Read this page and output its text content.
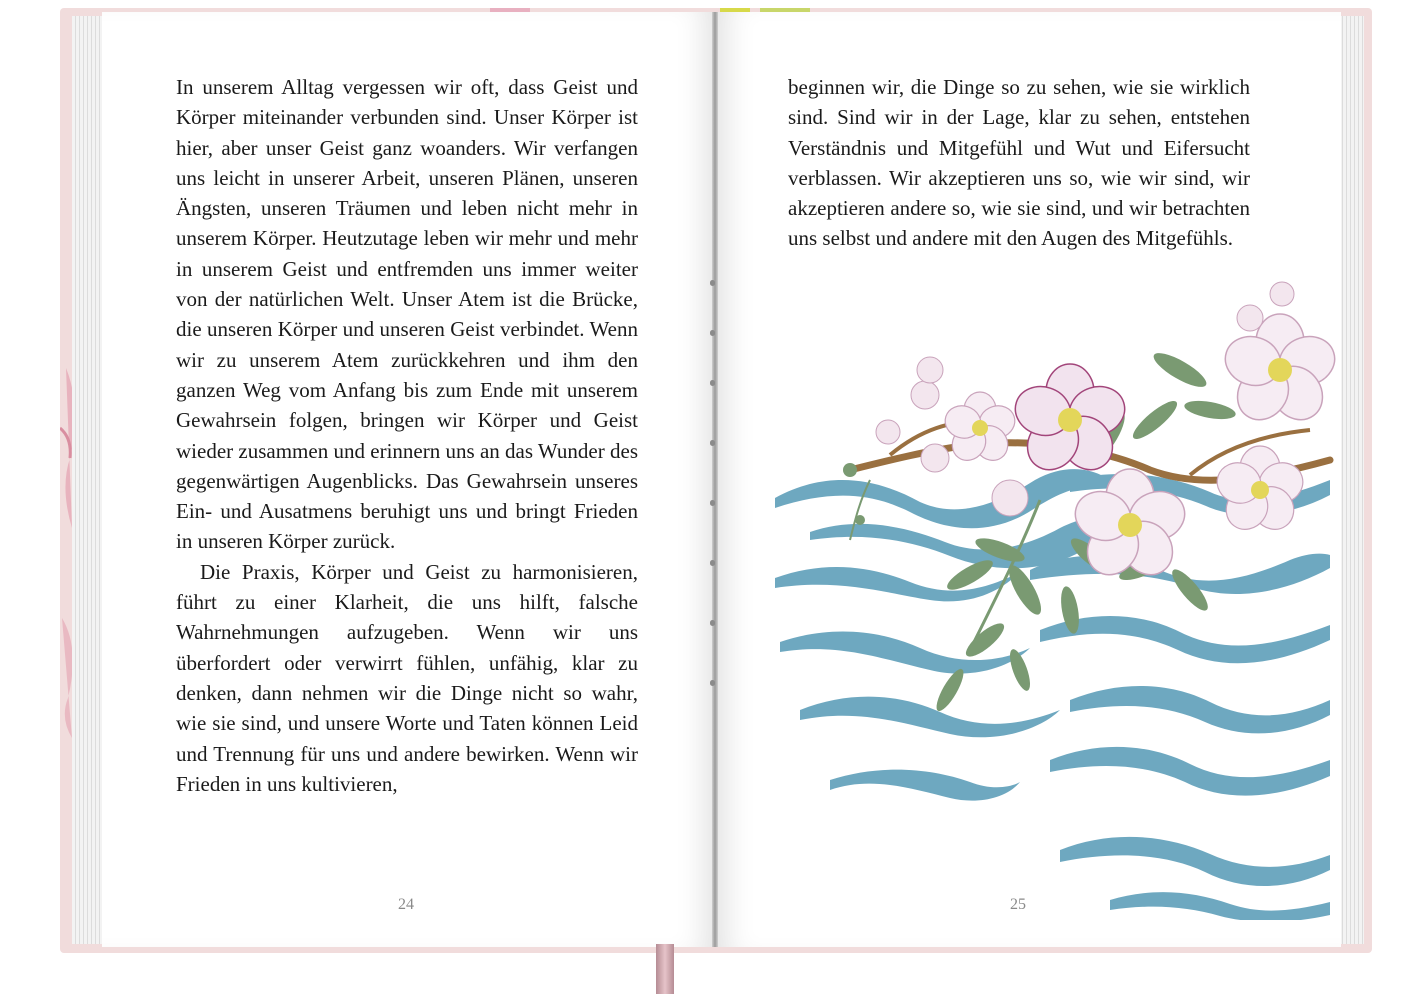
In unserem Alltag vergessen wir oft, dass Geist und Körper miteinander verbunden sind. Unser Körper ist hier, aber unser Geist ganz woanders. Wir verfangen uns leicht in unserer Arbeit, unseren Plänen, unseren Ängsten, unseren Träumen und leben nicht mehr in unserem Körper. Heutzutage leben wir mehr und mehr in unserem Geist und entfremden uns immer weiter von der natürlichen Welt. Unser Atem ist die Brücke, die unseren Körper und unseren Geist verbindet. Wenn wir zu unserem Atem zurückkehren und ihm den ganzen Weg vom Anfang bis zum Ende mit unserem Gewahrsein folgen, bringen wir Körper und Geist wieder zusammen und erinnern uns an das Wunder des gegenwärtigen Augenblicks. Das Gewahrsein unseres Ein- und Ausatmens beruhigt uns und bringt Frieden in unseren Körper zurück.

Die Praxis, Körper und Geist zu harmonisieren, führt zu einer Klarheit, die uns hilft, falsche Wahrnehmungen aufzugeben. Wenn wir uns überfordert oder verwirrt fühlen, unfähig, klar zu denken, dann nehmen wir die Dinge nicht so wahr, wie sie sind, und unsere Worte und Taten können Leid und Trennung für uns und andere bewirken. Wenn wir Frieden in uns kultivieren,

beginnen wir, die Dinge so zu sehen, wie sie wirklich sind. Sind wir in der Lage, klar zu sehen, entstehen Verständnis und Mitgefühl und Wut und Eifersucht verblassen. Wir akzeptieren uns so, wie wir sind, wir akzeptieren andere so, wie sie sind, und wir betrachten uns selbst und andere mit den Augen des Mitgefühls.

24	25
